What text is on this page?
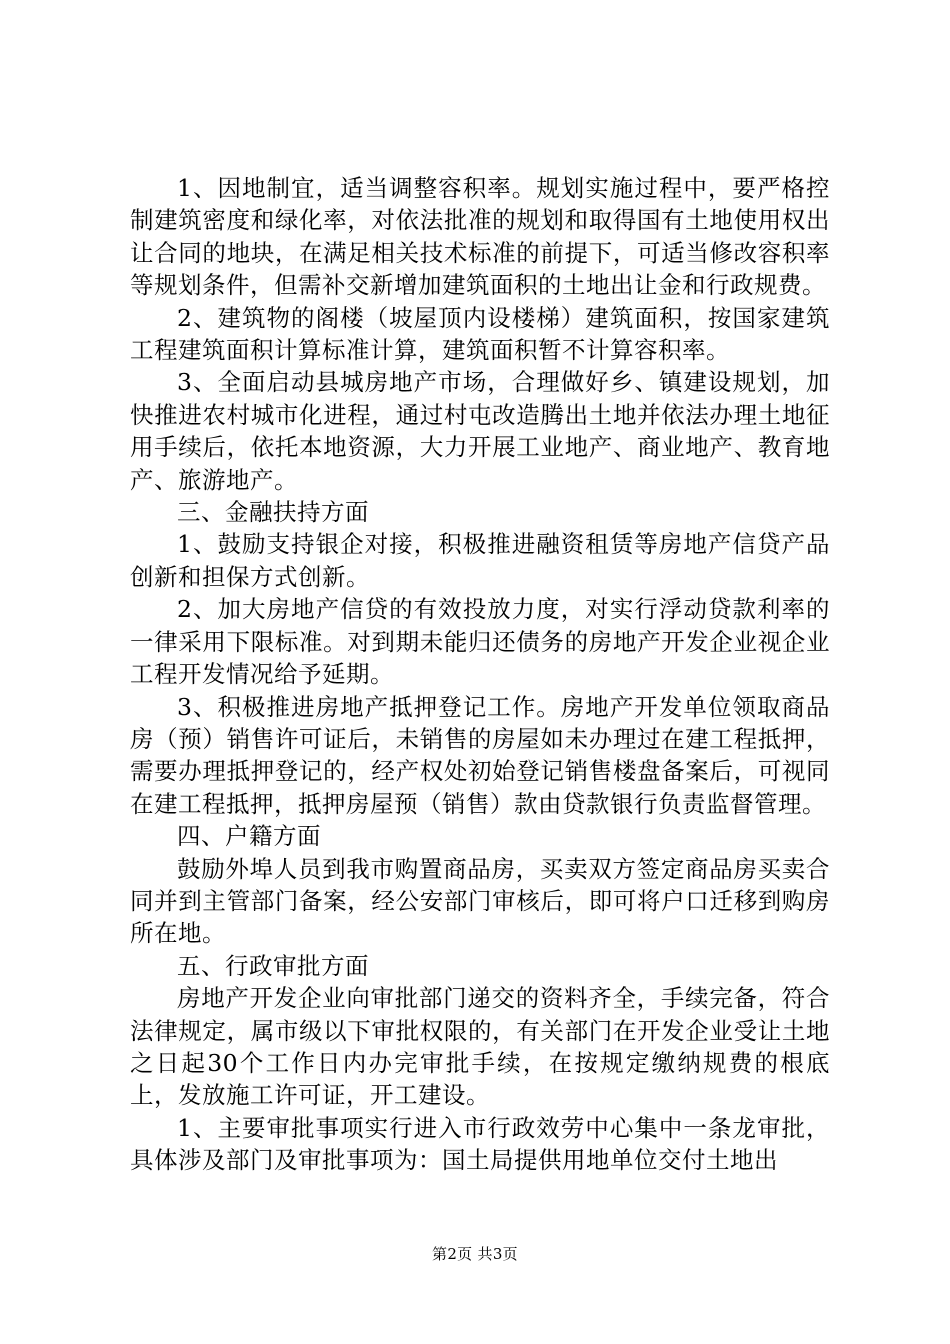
1、因地制宜，适当调整容积率。规划实施过程中，要严格控制建筑密度和绿化率，对依法批准的规划和取得国有土地使用权出让合同的地块，在满足相关技术标准的前提下，可适当修改容积率等规划条件，但需补交新增加建筑面积的土地出让金和行政规费。

2、建筑物的阁楼（坡屋顶内设楼梯）建筑面积，按国家建筑工程建筑面积计算标准计算，建筑面积暂不计算容积率。

3、全面启动县城房地产市场，合理做好乡、镇建设规划，加快推进农村城市化进程，通过村屯改造腾出土地并依法办理土地征用手续后，依托本地资源，大力开展工业地产、商业地产、教育地产、旅游地产。

三、金融扶持方面

1、鼓励支持银企对接，积极推进融资租赁等房地产信贷产品创新和担保方式创新。

2、加大房地产信贷的有效投放力度，对实行浮动贷款利率的一律采用下限标准。对到期未能归还债务的房地产开发企业视企业工程开发情况给予延期。

3、积极推进房地产抵押登记工作。房地产开发单位领取商品房（预）销售许可证后，未销售的房屋如未办理过在建工程抵押，需要办理抵押登记的，经产权处初始登记销售楼盘备案后，可视同在建工程抵押，抵押房屋预（销售）款由贷款银行负责监督管理。

四、户籍方面

鼓励外埠人员到我市购置商品房，买卖双方签定商品房买卖合同并到主管部门备案，经公安部门审核后，即可将户口迁移到购房所在地。

五、行政审批方面

房地产开发企业向审批部门递交的资料齐全，手续完备，符合法律规定，属市级以下审批权限的，有关部门在开发企业受让土地之日起30个工作日内办完审批手续，在按规定缴纳规费的根底上，发放施工许可证，开工建设。

1、主要审批事项实行进入市行政效劳中心集中一条龙审批，具体涉及部门及审批事项为：国土局提供用地单位交付土地出

第2页 共3页
